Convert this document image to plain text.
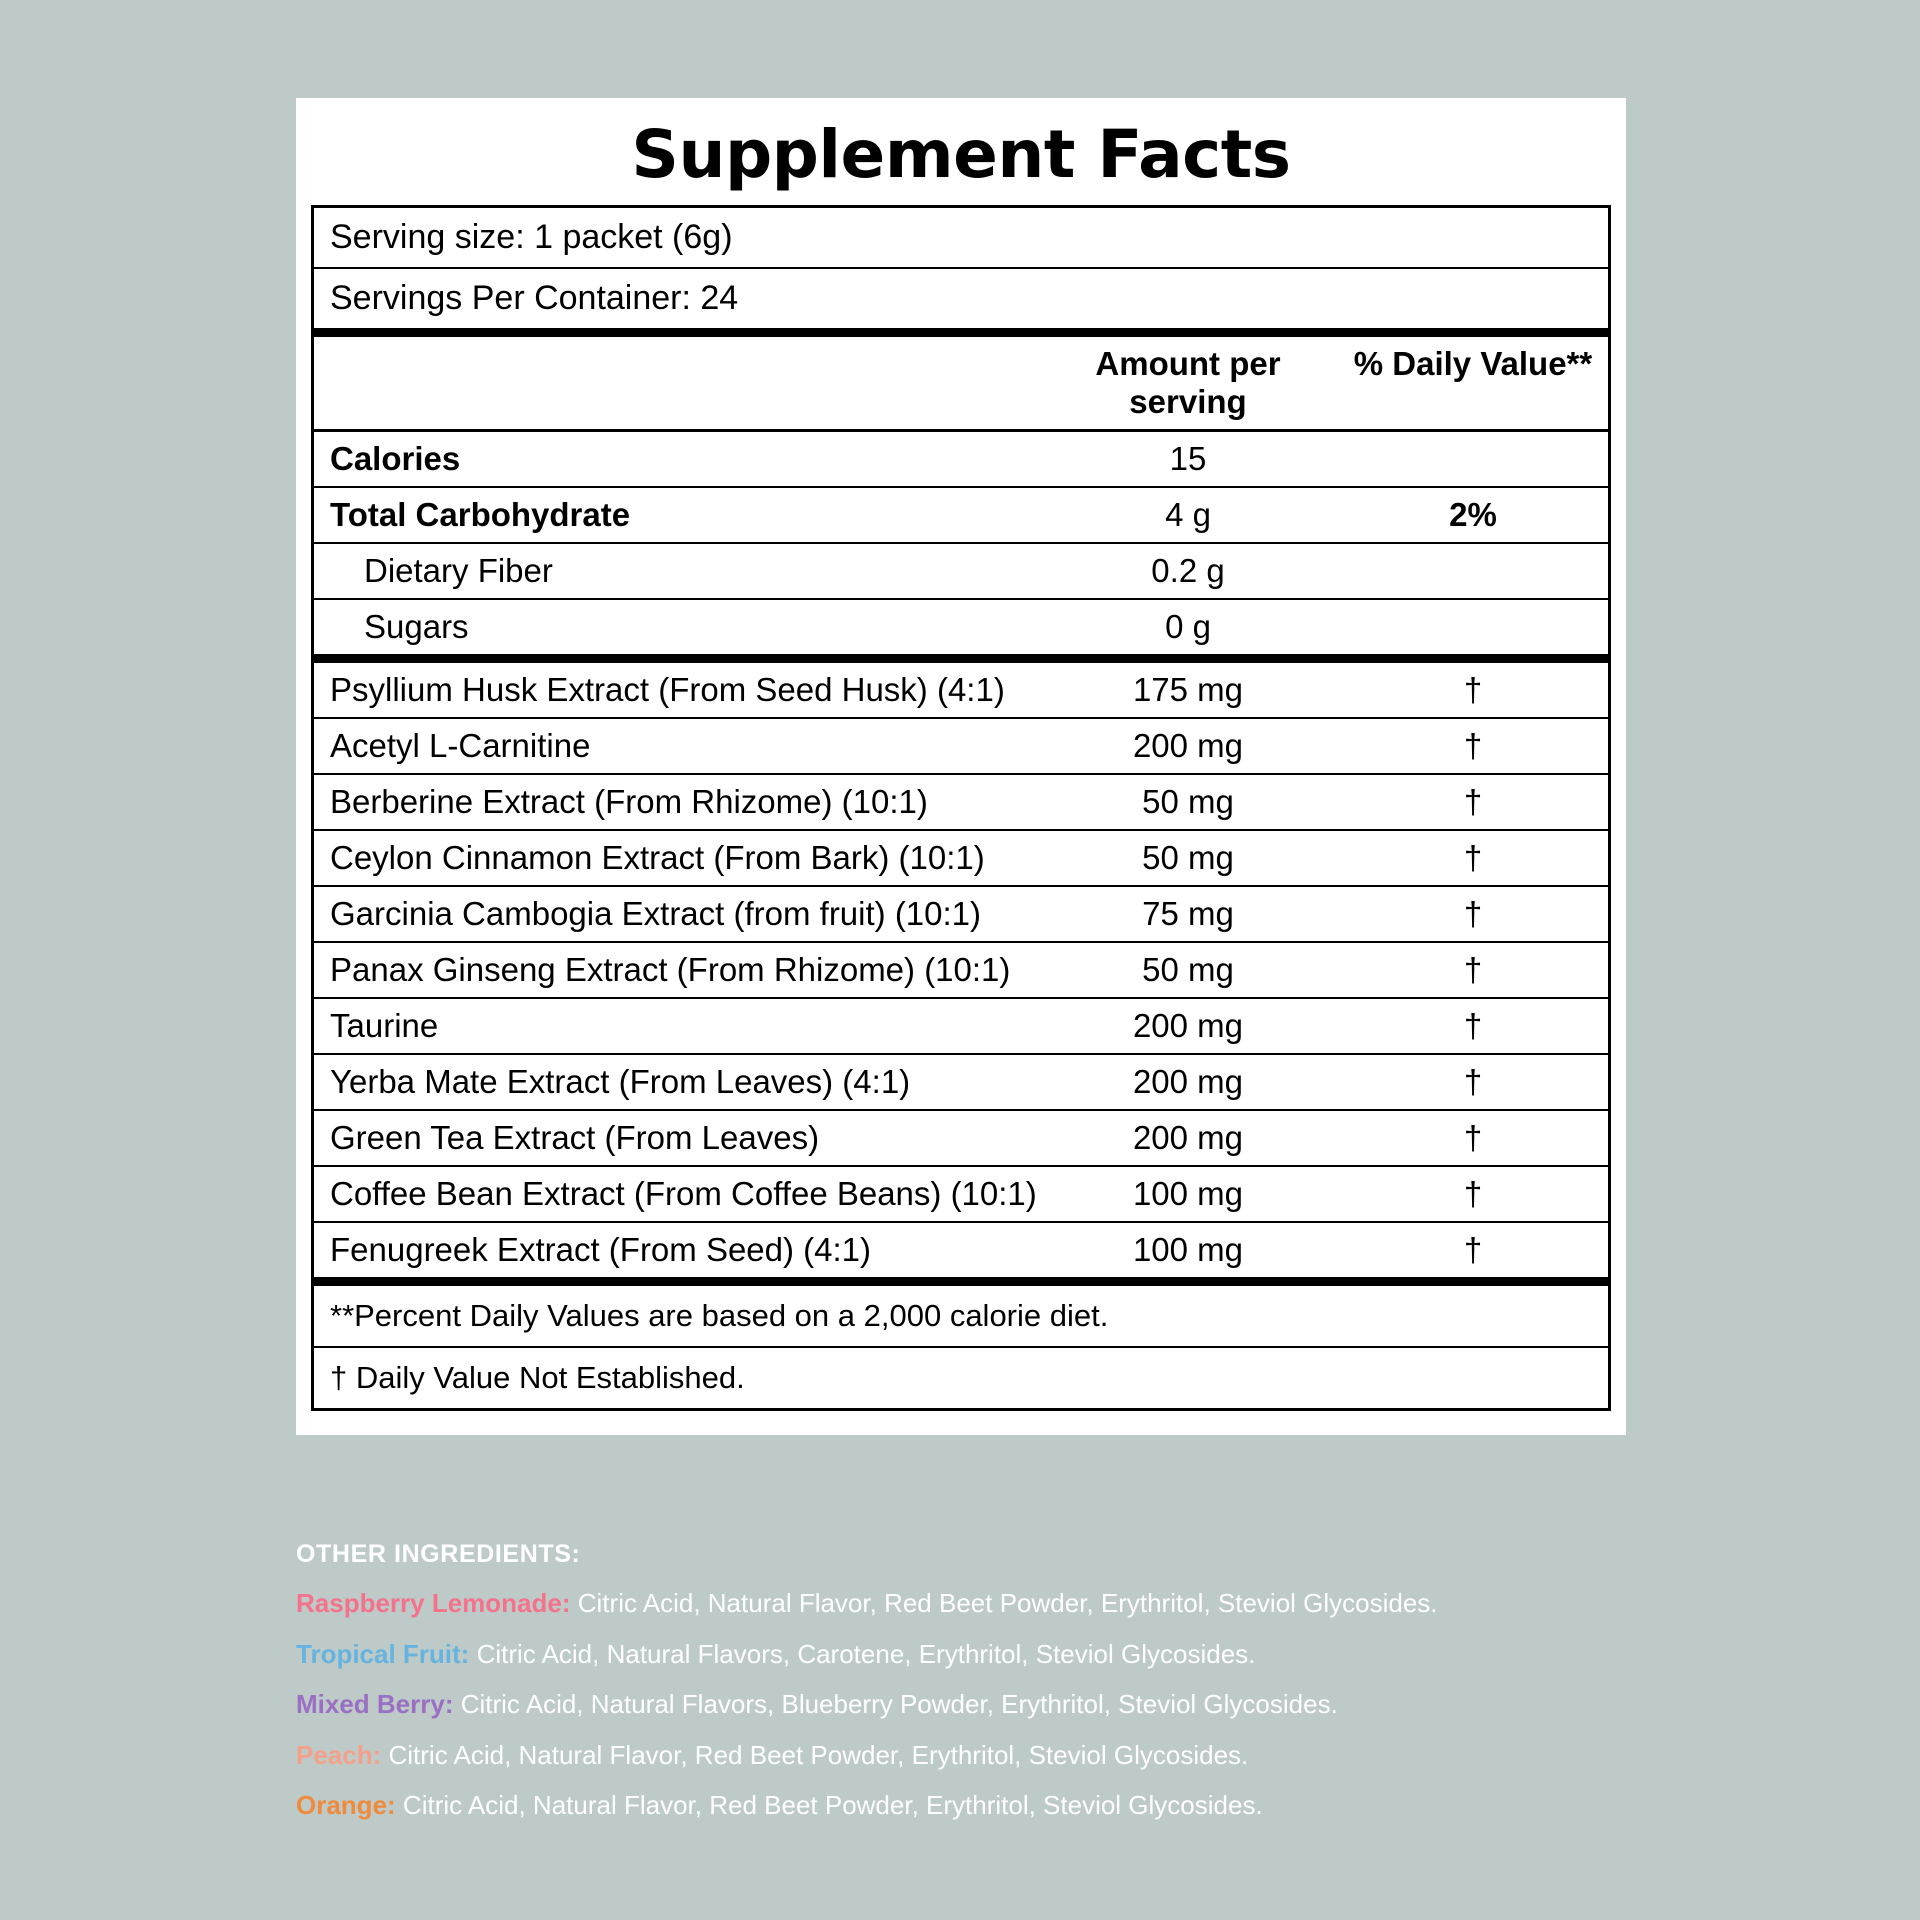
Supplement Facts
Serving size: 1 packet (6g)
Servings Per Container: 24

Amount per serving
% Daily Value**
Calories	15
Total Carbohydrate	4 g	2%
Dietary Fiber	0.2 g
Sugars	0 g
Psyllium Husk Extract (From Seed Husk) (4:1)	175 mg	†
Acetyl L-Carnitine	200 mg	†
Berberine Extract (From Rhizome) (10:1)	50 mg	†
Ceylon Cinnamon Extract (From Bark) (10:1)	50 mg	†
Garcinia Cambogia Extract (from fruit) (10:1)	75 mg	†
Panax Ginseng Extract (From Rhizome) (10:1)	50 mg	†
Taurine	200 mg	†
Yerba Mate Extract (From Leaves) (4:1)	200 mg	†
Green Tea Extract (From Leaves)	200 mg	†
Coffee Bean Extract (From Coffee Beans) (10:1)	100 mg	†
Fenugreek Extract (From Seed) (4:1)	100 mg	†
**Percent Daily Values are based on a 2,000 calorie diet.
† Daily Value Not Established.
OTHER INGREDIENTS:
Raspberry Lemonade: Citric Acid, Natural Flavor, Red Beet Powder, Erythritol, Steviol Glycosides.
Tropical Fruit: Citric Acid, Natural Flavors, Carotene, Erythritol, Steviol Glycosides.
Mixed Berry: Citric Acid, Natural Flavors, Blueberry Powder, Erythritol, Steviol Glycosides.
Peach: Citric Acid, Natural Flavor, Red Beet Powder, Erythritol, Steviol Glycosides.
Orange: Citric Acid, Natural Flavor, Red Beet Powder, Erythritol, Steviol Glycosides.
